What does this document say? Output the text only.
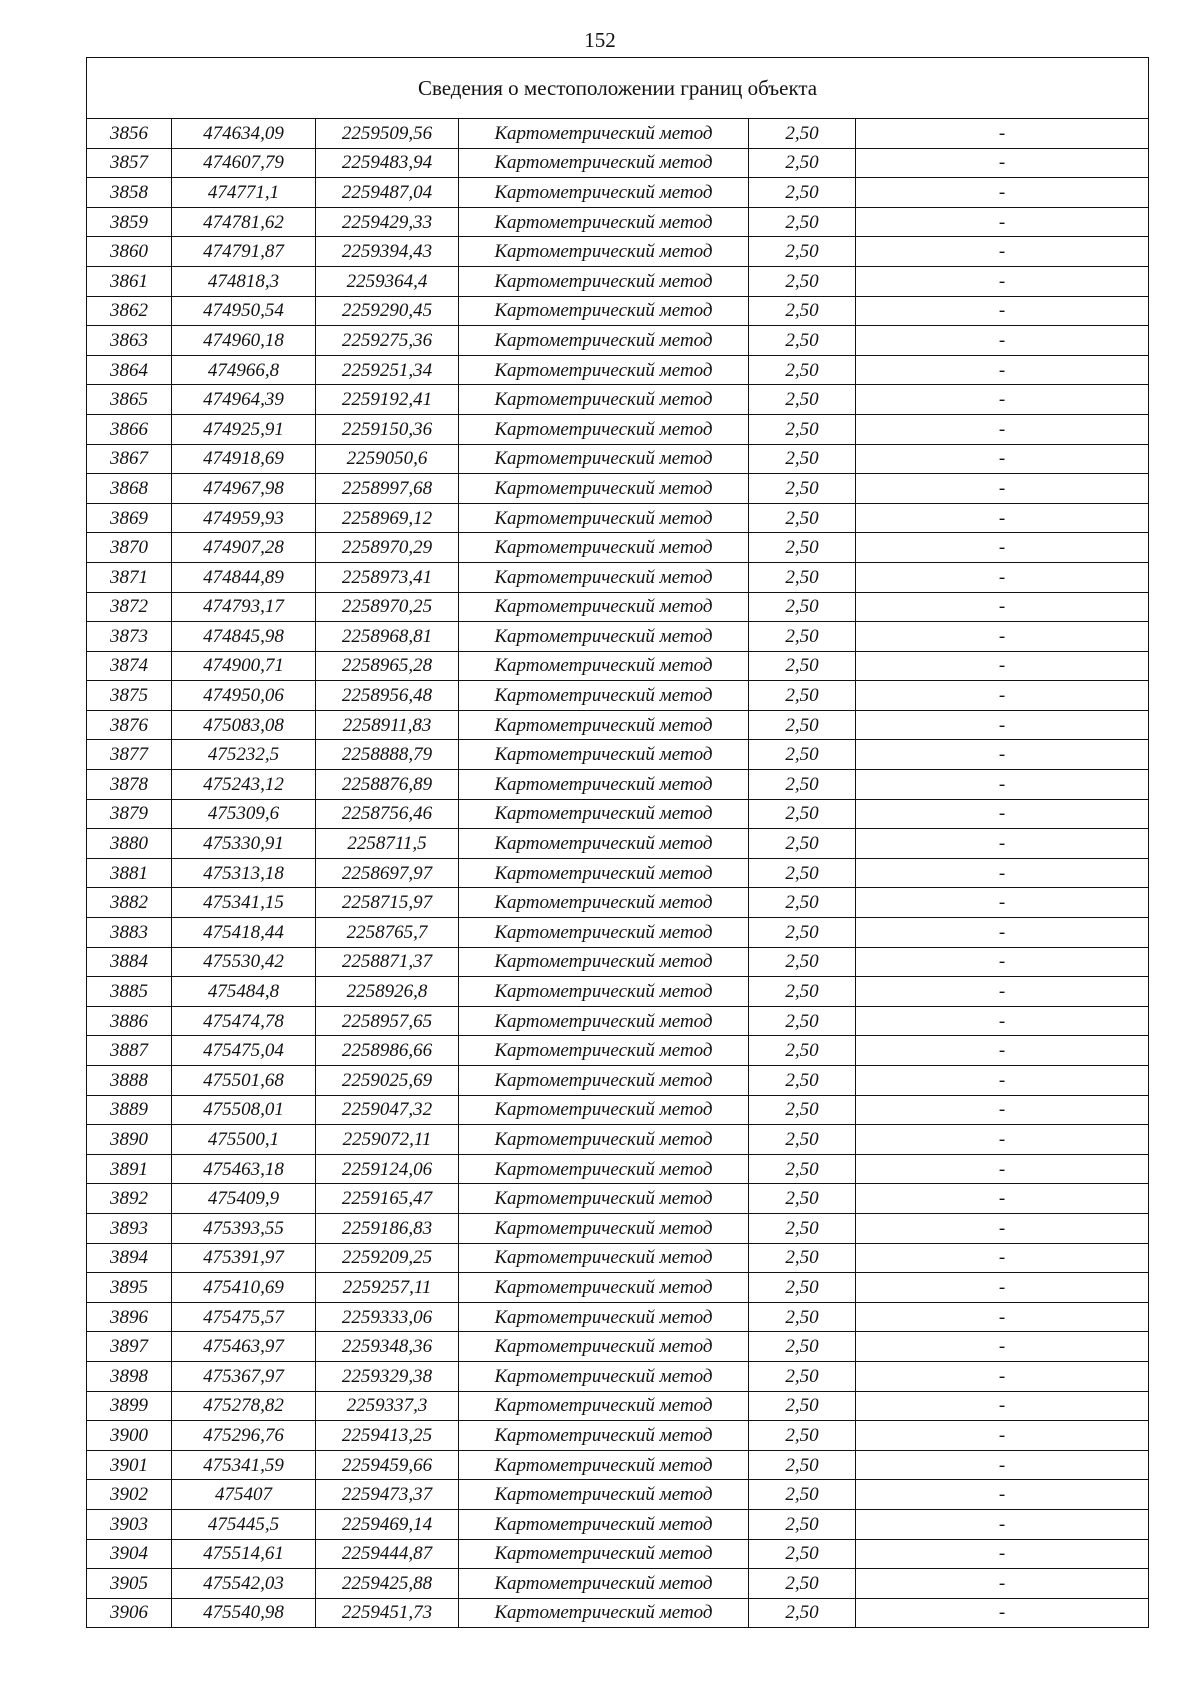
152
Сведения о местоположении границ объекта					
3856	474634,09	2259509,56	Картометрический метод	2,50	-
3857	474607,79	2259483,94	Картометрический метод	2,50	-
3858	474771,1	2259487,04	Картометрический метод	2,50	-
3859	474781,62	2259429,33	Картометрический метод	2,50	-
3860	474791,87	2259394,43	Картометрический метод	2,50	-
3861	474818,3	2259364,4	Картометрический метод	2,50	-
3862	474950,54	2259290,45	Картометрический метод	2,50	-
3863	474960,18	2259275,36	Картометрический метод	2,50	-
3864	474966,8	2259251,34	Картометрический метод	2,50	-
3865	474964,39	2259192,41	Картометрический метод	2,50	-
3866	474925,91	2259150,36	Картометрический метод	2,50	-
3867	474918,69	2259050,6	Картометрический метод	2,50	-
3868	474967,98	2258997,68	Картометрический метод	2,50	-
3869	474959,93	2258969,12	Картометрический метод	2,50	-
3870	474907,28	2258970,29	Картометрический метод	2,50	-
3871	474844,89	2258973,41	Картометрический метод	2,50	-
3872	474793,17	2258970,25	Картометрический метод	2,50	-
3873	474845,98	2258968,81	Картометрический метод	2,50	-
3874	474900,71	2258965,28	Картометрический метод	2,50	-
3875	474950,06	2258956,48	Картометрический метод	2,50	-
3876	475083,08	2258911,83	Картометрический метод	2,50	-
3877	475232,5	2258888,79	Картометрический метод	2,50	-
3878	475243,12	2258876,89	Картометрический метод	2,50	-
3879	475309,6	2258756,46	Картометрический метод	2,50	-
3880	475330,91	2258711,5	Картометрический метод	2,50	-
3881	475313,18	2258697,97	Картометрический метод	2,50	-
3882	475341,15	2258715,97	Картометрический метод	2,50	-
3883	475418,44	2258765,7	Картометрический метод	2,50	-
3884	475530,42	2258871,37	Картометрический метод	2,50	-
3885	475484,8	2258926,8	Картометрический метод	2,50	-
3886	475474,78	2258957,65	Картометрический метод	2,50	-
3887	475475,04	2258986,66	Картометрический метод	2,50	-
3888	475501,68	2259025,69	Картометрический метод	2,50	-
3889	475508,01	2259047,32	Картометрический метод	2,50	-
3890	475500,1	2259072,11	Картометрический метод	2,50	-
3891	475463,18	2259124,06	Картометрический метод	2,50	-
3892	475409,9	2259165,47	Картометрический метод	2,50	-
3893	475393,55	2259186,83	Картометрический метод	2,50	-
3894	475391,97	2259209,25	Картометрический метод	2,50	-
3895	475410,69	2259257,11	Картометрический метод	2,50	-
3896	475475,57	2259333,06	Картометрический метод	2,50	-
3897	475463,97	2259348,36	Картометрический метод	2,50	-
3898	475367,97	2259329,38	Картометрический метод	2,50	-
3899	475278,82	2259337,3	Картометрический метод	2,50	-
3900	475296,76	2259413,25	Картометрический метод	2,50	-
3901	475341,59	2259459,66	Картометрический метод	2,50	-
3902	475407	2259473,37	Картометрический метод	2,50	-
3903	475445,5	2259469,14	Картометрический метод	2,50	-
3904	475514,61	2259444,87	Картометрический метод	2,50	-
3905	475542,03	2259425,88	Картометрический метод	2,50	-
3906	475540,98	2259451,73	Картометрический метод	2,50	-
